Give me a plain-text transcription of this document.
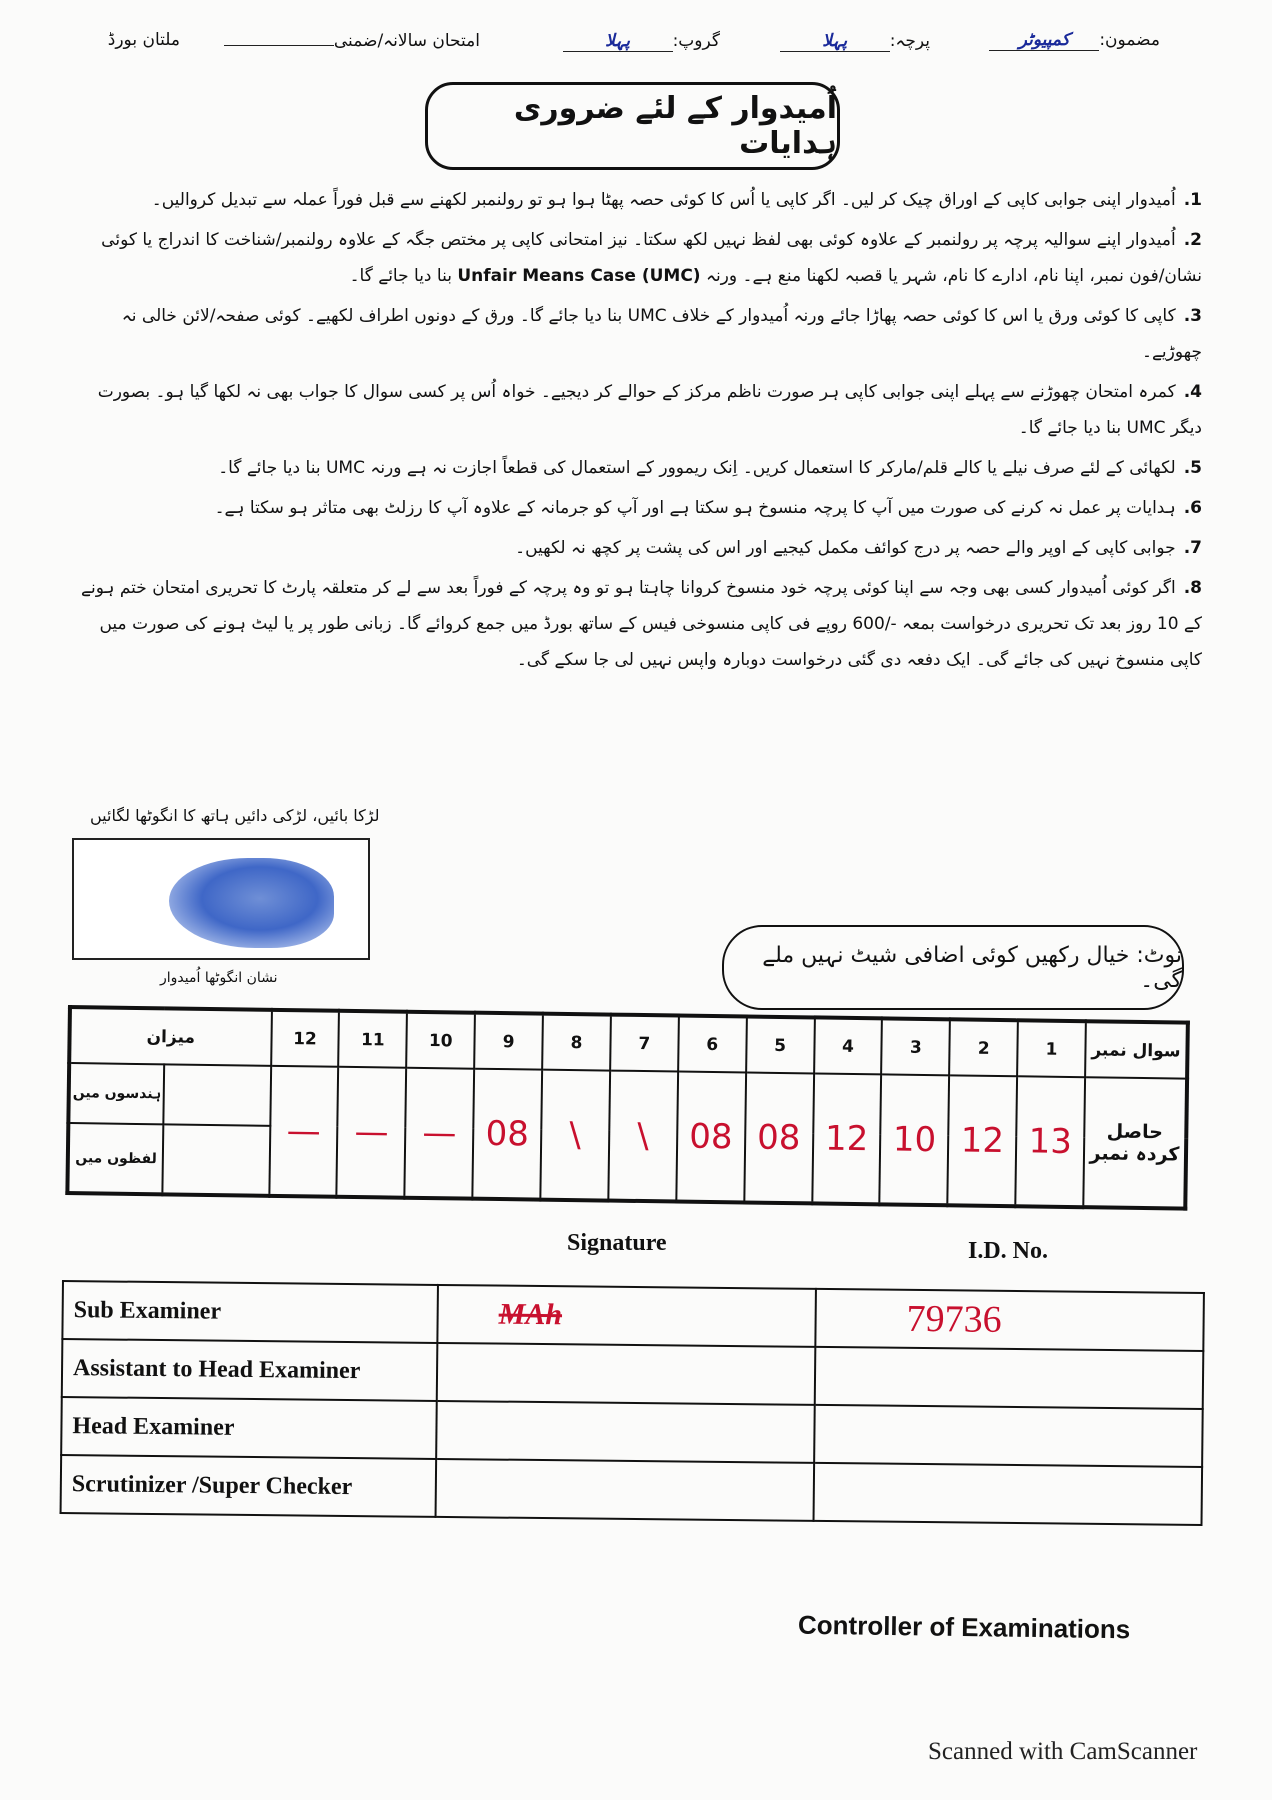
مضمون:کمپیوٹر
پرچہ:پہلا
گروپ:پہلا
امتحان سالانہ/ضمنی
ملتان بورڈ
اُمیدوار کے لئے ضروری ہدایات
1.اُمیدوار اپنی جوابی کاپی کے اوراق چیک کر لیں۔ اگر کاپی یا اُس کا کوئی حصہ پھٹا ہوا ہو تو رولنمبر لکھنے سے قبل فوراً عملہ سے تبدیل کروالیں۔
2.اُمیدوار اپنے سوالیہ پرچہ پر رولنمبر کے علاوہ کوئی بھی لفظ نہیں لکھ سکتا۔ نیز امتحانی کاپی پر مختص جگہ کے علاوہ رولنمبر/شناخت کا اندراج یا کوئی نشان/فون نمبر، اپنا نام، ادارے کا نام، شہر یا قصبہ لکھنا منع ہے۔ ورنہ Unfair Means Case (UMC) بنا دیا جائے گا۔
3.کاپی کا کوئی ورق یا اس کا کوئی حصہ پھاڑا جائے ورنہ اُمیدوار کے خلاف UMC بنا دیا جائے گا۔ ورق کے دونوں اطراف لکھیے۔ کوئی صفحہ/لائن خالی نہ چھوڑیے۔
4.کمرہ امتحان چھوڑنے سے پہلے اپنی جوابی کاپی ہر صورت ناظم مرکز کے حوالے کر دیجیے۔ خواہ اُس پر کسی سوال کا جواب بھی نہ لکھا گیا ہو۔ بصورت دیگر UMC بنا دیا جائے گا۔
5.لکھائی کے لئے صرف نیلے یا کالے قلم/مارکر کا استعمال کریں۔ اِنک ریموور کے استعمال کی قطعاً اجازت نہ ہے ورنہ UMC بنا دیا جائے گا۔
6.ہدایات پر عمل نہ کرنے کی صورت میں آپ کا پرچہ منسوخ ہو سکتا ہے اور آپ کو جرمانہ کے علاوہ آپ کا رزلٹ بھی متاثر ہو سکتا ہے۔
7.جوابی کاپی کے اوپر والے حصہ پر درج کوائف مکمل کیجیے اور اس کی پشت پر کچھ نہ لکھیں۔
8.اگر کوئی اُمیدوار کسی بھی وجہ سے اپنا کوئی پرچہ خود منسوخ کروانا چاہتا ہو تو وہ پرچہ کے فوراً بعد سے لے کر متعلقہ پارٹ کا تحریری امتحان ختم ہونے کے 10 روز بعد تک تحریری درخواست بمعہ -/600 روپے فی کاپی منسوخی فیس کے ساتھ بورڈ میں جمع کروائے گا۔ زبانی طور پر یا لیٹ ہونے کی صورت میں کاپی منسوخ نہیں کی جائے گی۔ ایک دفعہ دی گئی درخواست دوبارہ واپس نہیں لی جا سکے گی۔
لڑکا بائیں، لڑکی دائیں ہاتھ کا انگوٹھا لگائیں
نشان انگوٹھا اُمیدوار
نوٹ: خیال رکھیں کوئی اضافی شیٹ نہیں ملے گی۔
میزان		12	11	10	9	8	7	6	5	4	3	2	1	سوال نمبر
ہندسوں میں		—	—	—	08	\	\	08	08	12	10	12	13	حاصل کردہ نمبر
لفظوں میں														
Signature	I.D. No.
Sub Examiner	MAh	79736
Assistant to Head Examiner		
Head Examiner		
Scrutinizer /Super Checker		
Controller of Examinations
Scanned with CamScanner
